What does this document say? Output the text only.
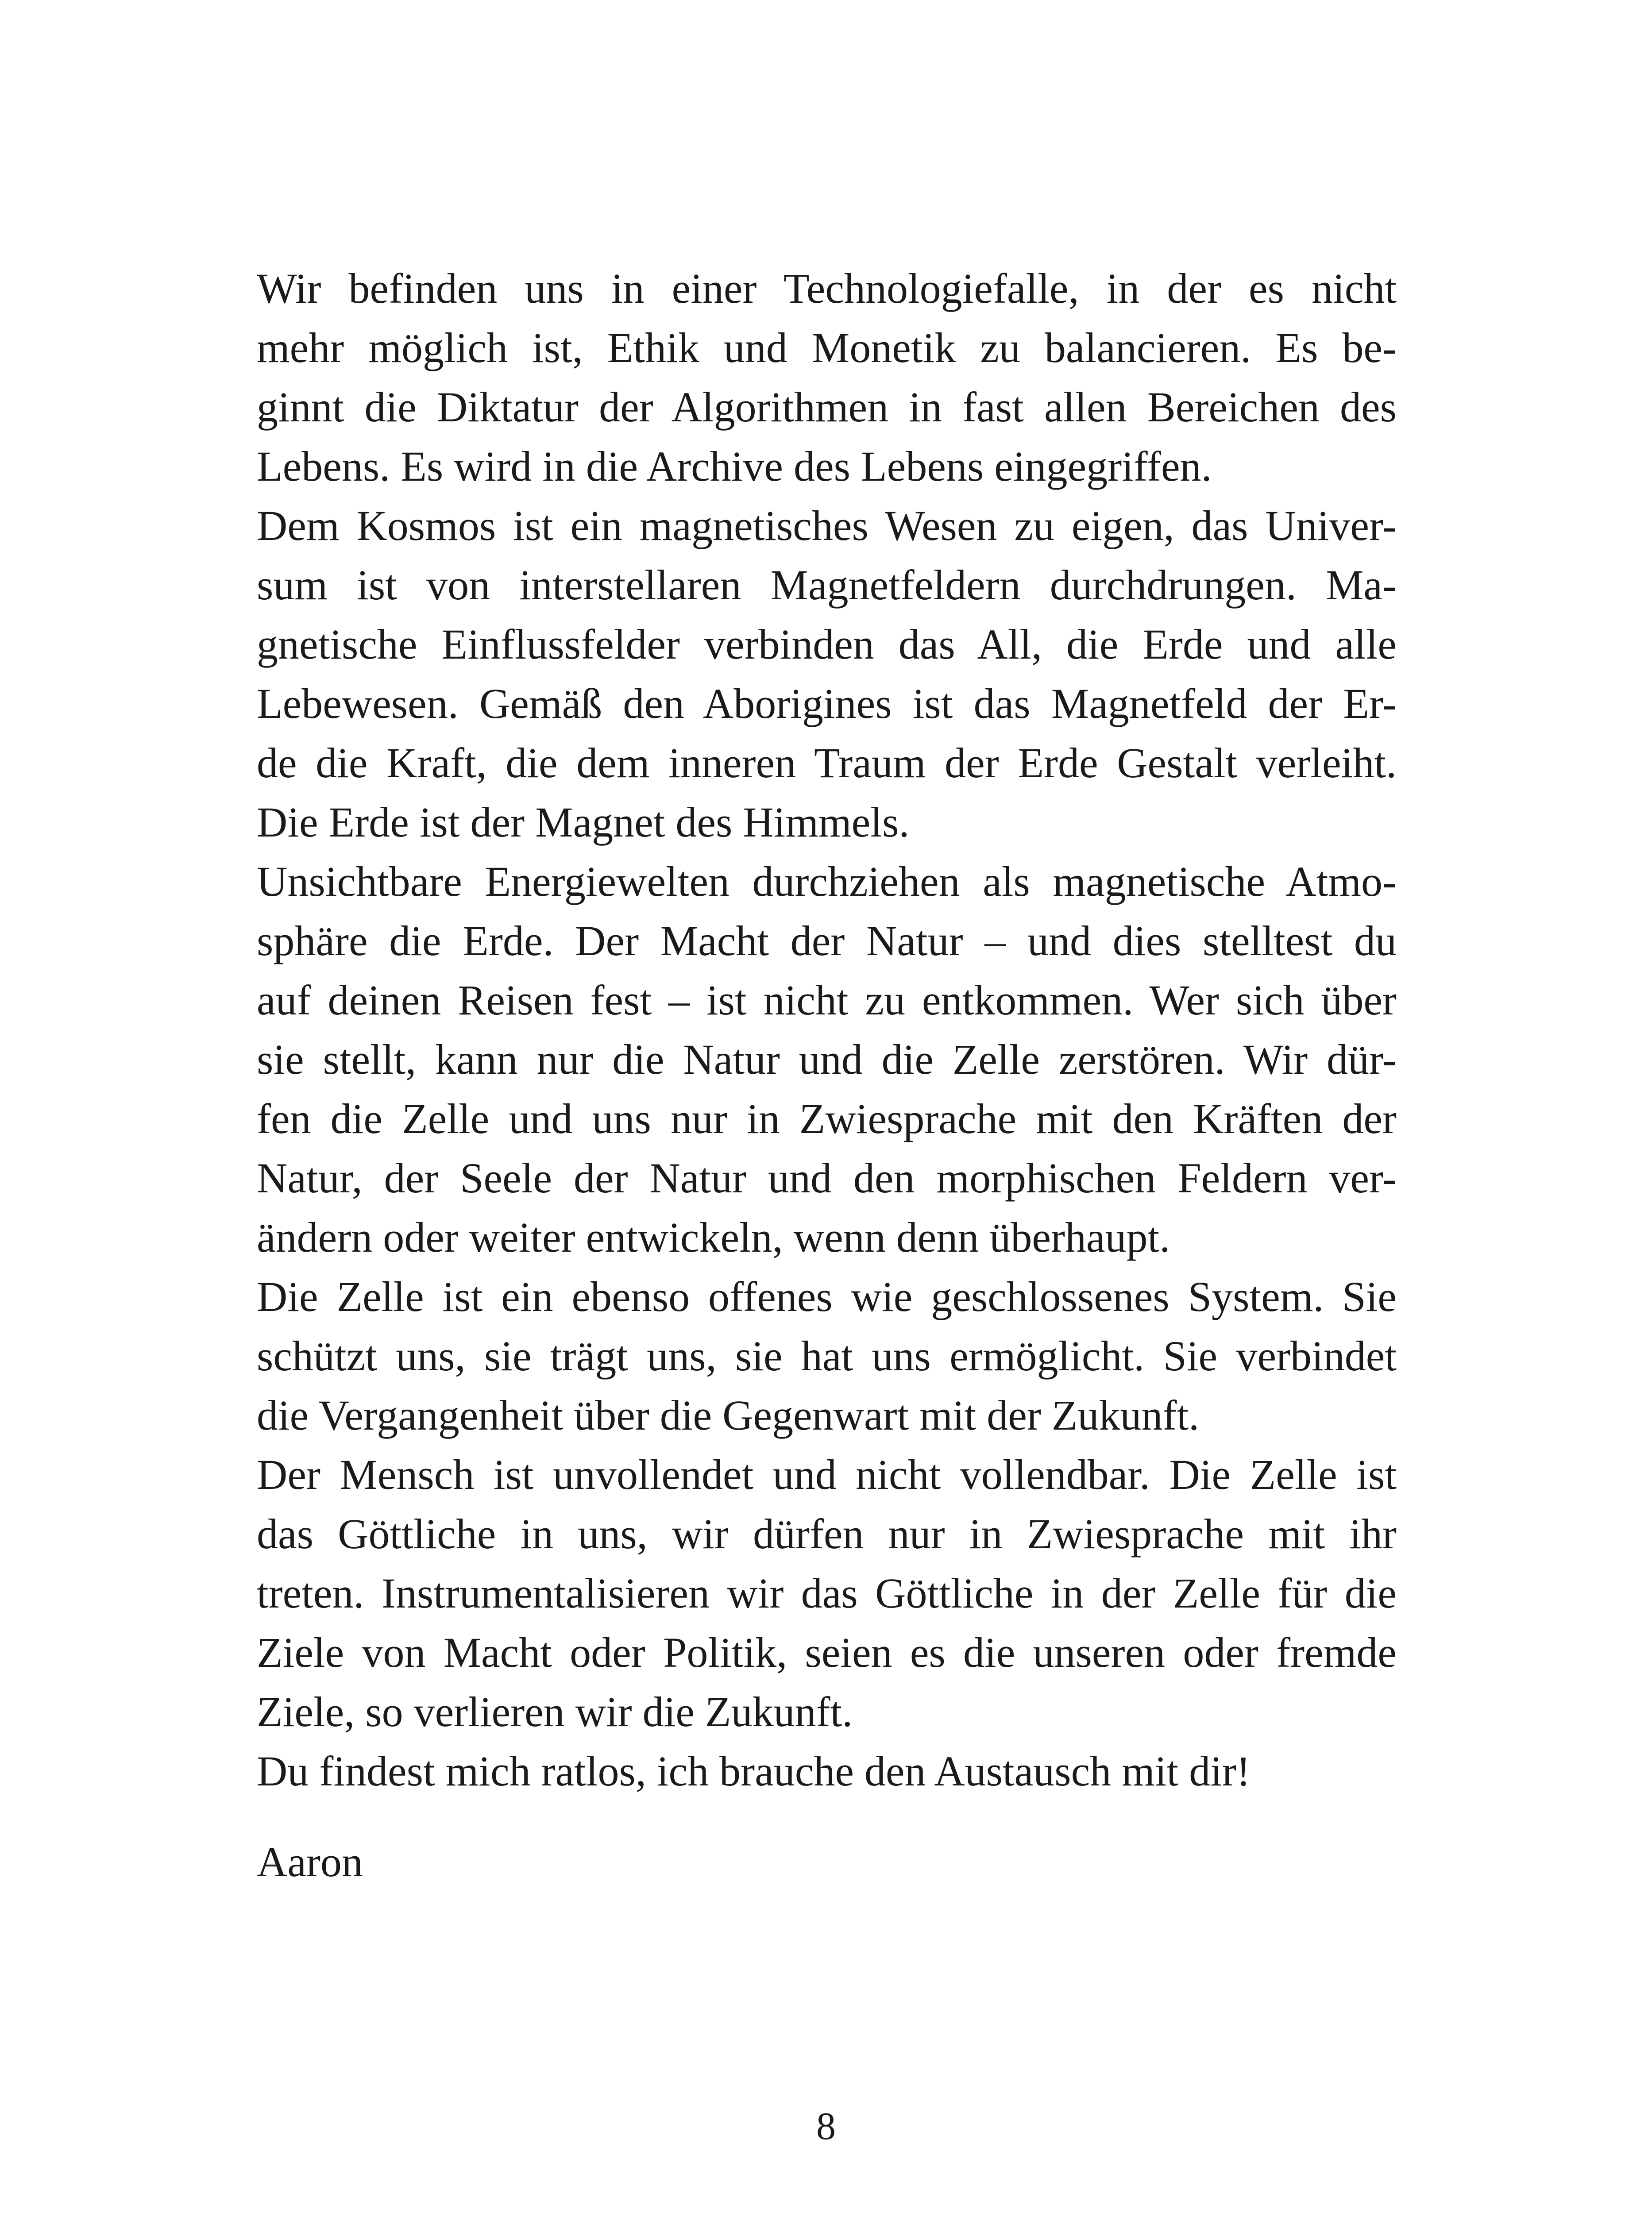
Wir befinden uns in einer Technologiefalle, in der es nicht
mehr möglich ist, Ethik und Monetik zu balancieren. Es be-
ginnt die Diktatur der Algorithmen in fast allen Bereichen des
Lebens. Es wird in die Archive des Lebens eingegriffen.
Dem Kosmos ist ein magnetisches Wesen zu eigen, das Univer-
sum ist von interstellaren Magnetfeldern durchdrungen. Ma-
gnetische Einflussfelder verbinden das All, die Erde und alle
Lebewesen. Gemäß den Aborigines ist das Magnetfeld der Er-
de die Kraft, die dem inneren Traum der Erde Gestalt verleiht.
Die Erde ist der Magnet des Himmels.
Unsichtbare Energiewelten durchziehen als magnetische Atmo-
sphäre die Erde. Der Macht der Natur – und dies stelltest du
auf deinen Reisen fest – ist nicht zu entkommen. Wer sich über
sie stellt, kann nur die Natur und die Zelle zerstören. Wir dür-
fen die Zelle und uns nur in Zwiesprache mit den Kräften der
Natur, der Seele der Natur und den morphischen Feldern ver-
ändern oder weiter entwickeln, wenn denn überhaupt.
Die Zelle ist ein ebenso offenes wie geschlossenes System. Sie
schützt uns, sie trägt uns, sie hat uns ermöglicht. Sie verbindet
die Vergangenheit über die Gegenwart mit der Zukunft.
Der Mensch ist unvollendet und nicht vollendbar. Die Zelle ist
das Göttliche in uns, wir dürfen nur in Zwiesprache mit ihr
treten. Instrumentalisieren wir das Göttliche in der Zelle für die
Ziele von Macht oder Politik, seien es die unseren oder fremde
Ziele, so verlieren wir die Zukunft.
Du findest mich ratlos, ich brauche den Austausch mit dir!
Aaron
8
